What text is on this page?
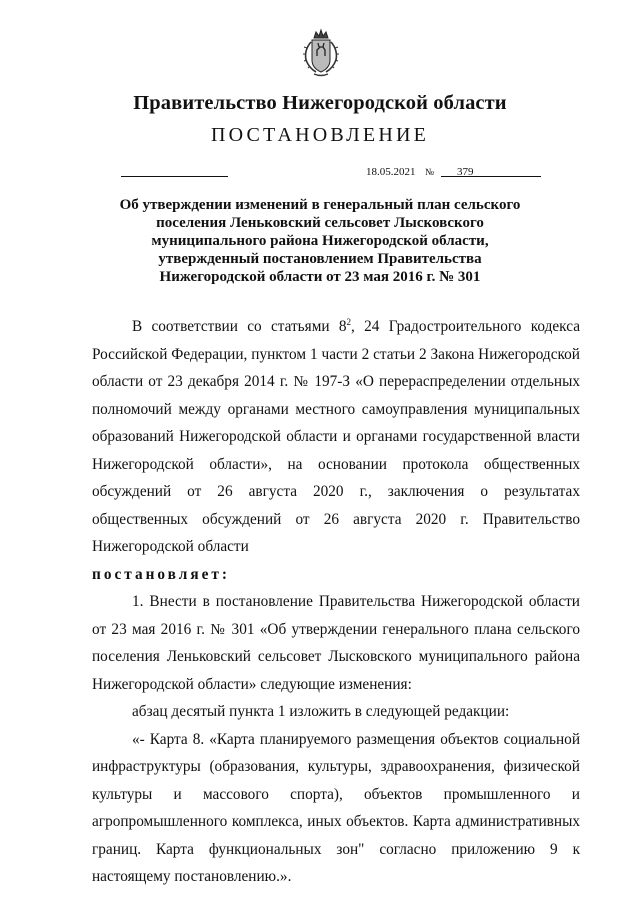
Правительство Нижегородской области
ПОСТАНОВЛЕНИЕ
18.05.2021 № 379
Об утверждении изменений в генеральный план сельского
поселения Леньковский сельсовет Лысковского
муниципального района Нижегородской области,
утвержденный постановлением Правительства
Нижегородской области от 23 мая 2016 г. № 301

В соответствии со статьями $8^2$, 24 Градостроительного кодекса Российской Федерации, пунктом 1 части 2 статьи 2 Закона Нижегородской области от 23 декабря 2014 г. № 197-З «О перераспределении отдельных полномочий между органами местного самоуправления муниципальных образований Нижегородской области и органами государственной власти Нижегородской области», на основании протокола общественных обсуждений от 26 августа 2020 г., заключения о результатах общественных обсуждений от 26 августа 2020 г. Правительство Нижегородской области

постановляет:

1. Внести в постановление Правительства Нижегородской области от 23 мая 2016 г. № 301 «Об утверждении генерального плана сельского поселения Леньковский сельсовет Лысковского муниципального района Нижегородской области» следующие изменения:

абзац десятый пункта 1 изложить в следующей редакции:

«- Карта 8. «Карта планируемого размещения объектов социальной инфраструктуры (образования, культуры, здравоохранения, физической культуры и массового спорта), объектов промышленного и агропромышленного комплекса, иных объектов. Карта административных границ. Карта функциональных зон" согласно приложению 9 к настоящему постановлению.».
